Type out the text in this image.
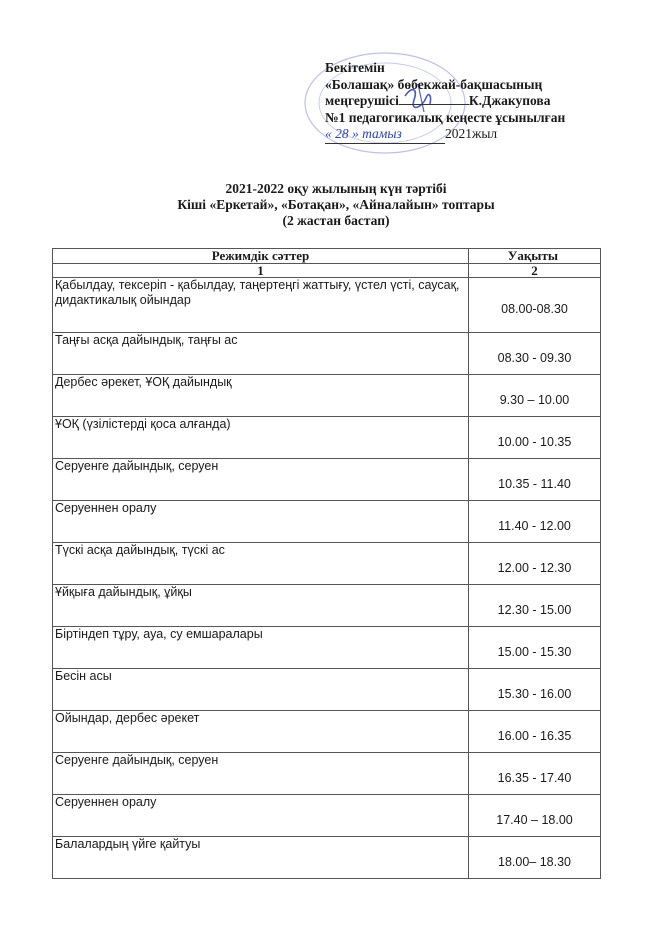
Бекітемін
«Болашақ» бөбекжай-бақшасының
меңгерушісі	К.Джакупова
№1 педагогикалық кеңесте ұсынылған
« 28 » тамыз	2021жыл
2021-2022 оқу жылының күн тәртібі
Кіші «Еркетай», «Ботақан», «Айналайын» топтары
(2 жастан бастап)
Режимдік сәттер	Уақыты
1	2
Қабылдау, тексеріп - қабылдау, таңертеңгі жаттығу, үстел үсті, саусақ, дидактикалық ойындар	08.00-08.30
Таңғы асқа дайындық, таңғы ас	08.30 - 09.30
Дербес әрекет, ҰОҚ дайындық	9.30 – 10.00
ҰОҚ (үзілістерді қоса алғанда)	10.00 - 10.35
Серуенге дайындық, серуен	10.35 - 11.40
Серуеннен оралу	11.40 - 12.00
Түскі асқа дайындық, түскі ас	12.00 - 12.30
Ұйқыға дайындық, ұйқы	12.30 - 15.00
Біртіндеп тұру, ауа, су емшаралары	15.00 - 15.30
Бесін асы	15.30 - 16.00
Ойындар, дербес әрекет	16.00 - 16.35
Серуенге дайындық, серуен	16.35 - 17.40
Серуеннен оралу	17.40 – 18.00
Балалардың үйге қайтуы	18.00– 18.30
